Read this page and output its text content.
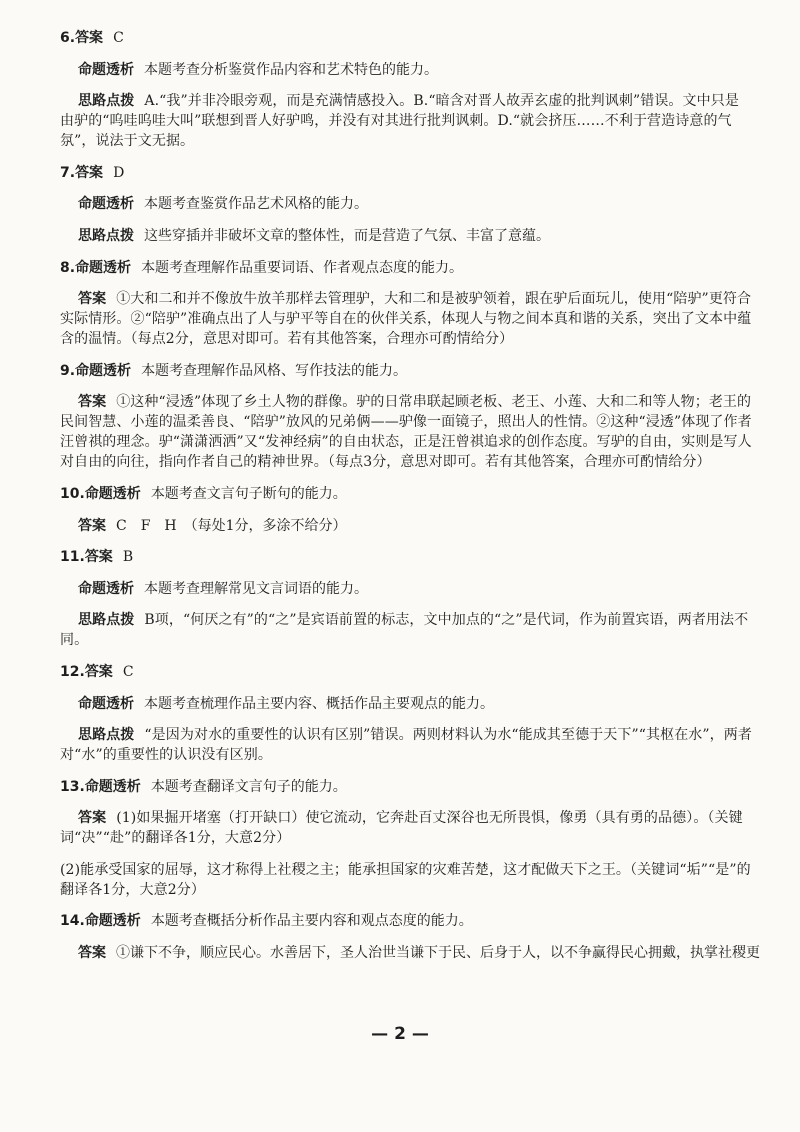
6.答案 C
命题透析 本题考查分析鉴赏作品内容和艺术特色的能力。
思路点拨 A.“我”并非冷眼旁观，而是充满情感投入。B.“暗含对晋人故弄玄虚的批判讽刺”错误。文中只是由驴的“呜哇呜哇大叫”联想到晋人好驴鸣，并没有对其进行批判讽刺。D.“就会挤压……不利于营造诗意的气氛”，说法于文无据。
7.答案 D
命题透析 本题考查鉴赏作品艺术风格的能力。
思路点拨 这些穿插并非破坏文章的整体性，而是营造了气氛、丰富了意蕴。
8.命题透析 本题考查理解作品重要词语、作者观点态度的能力。
答案 ①大和二和并不像放牛放羊那样去管理驴，大和二和是被驴领着，跟在驴后面玩儿，使用“陪驴”更符合实际情形。②“陪驴”准确点出了人与驴平等自在的伙伴关系，体现人与物之间本真和谐的关系，突出了文本中蕴含的温情。（每点2分，意思对即可。若有其他答案，合理亦可酌情给分）
9.命题透析 本题考查理解作品风格、写作技法的能力。
答案 ①这种“浸透”体现了乡土人物的群像。驴的日常串联起顾老板、老王、小莲、大和二和等人物；老王的民间智慧、小莲的温柔善良、“陪驴”放风的兄弟俩——驴像一面镜子，照出人的性情。②这种“浸透”体现了作者汪曾祺的理念。驴“潇潇洒洒”又“发神经病”的自由状态，正是汪曾祺追求的创作态度。写驴的自由，实则是写人对自由的向往，指向作者自己的精神世界。（每点3分，意思对即可。若有其他答案，合理亦可酌情给分）
10.命题透析 本题考查文言句子断句的能力。
答案 C　F　H　（每处1分，多涂不给分）
11.答案 B
命题透析 本题考查理解常见文言词语的能力。
思路点拨 B项，“何厌之有”的“之”是宾语前置的标志，文中加点的“之”是代词，作为前置宾语，两者用法不同。
12.答案 C
命题透析 本题考查梳理作品主要内容、概括作品主要观点的能力。
思路点拨 “是因为对水的重要性的认识有区别”错误。两则材料认为水“能成其至德于天下”“其枢在水”，两者对“水”的重要性的认识没有区别。
13.命题透析 本题考查翻译文言句子的能力。
答案 (1)如果掘开堵塞（打开缺口）使它流动，它奔赴百丈深谷也无所畏惧，像勇（具有勇的品德）。（关键词“决”“赴”的翻译各1分，大意2分）
(2)能承受国家的屈辱，这才称得上社稷之主；能承担国家的灾难苦楚，这才配做天下之王。（关键词“垢”“是”的翻译各1分，大意2分）
14.命题透析 本题考查概括分析作品主要内容和观点态度的能力。
答案 ①谦下不争，顺应民心。水善居下，圣人治世当谦下于民、后身于人，以不争赢得民心拥戴，执掌社稷更
— 2 —
